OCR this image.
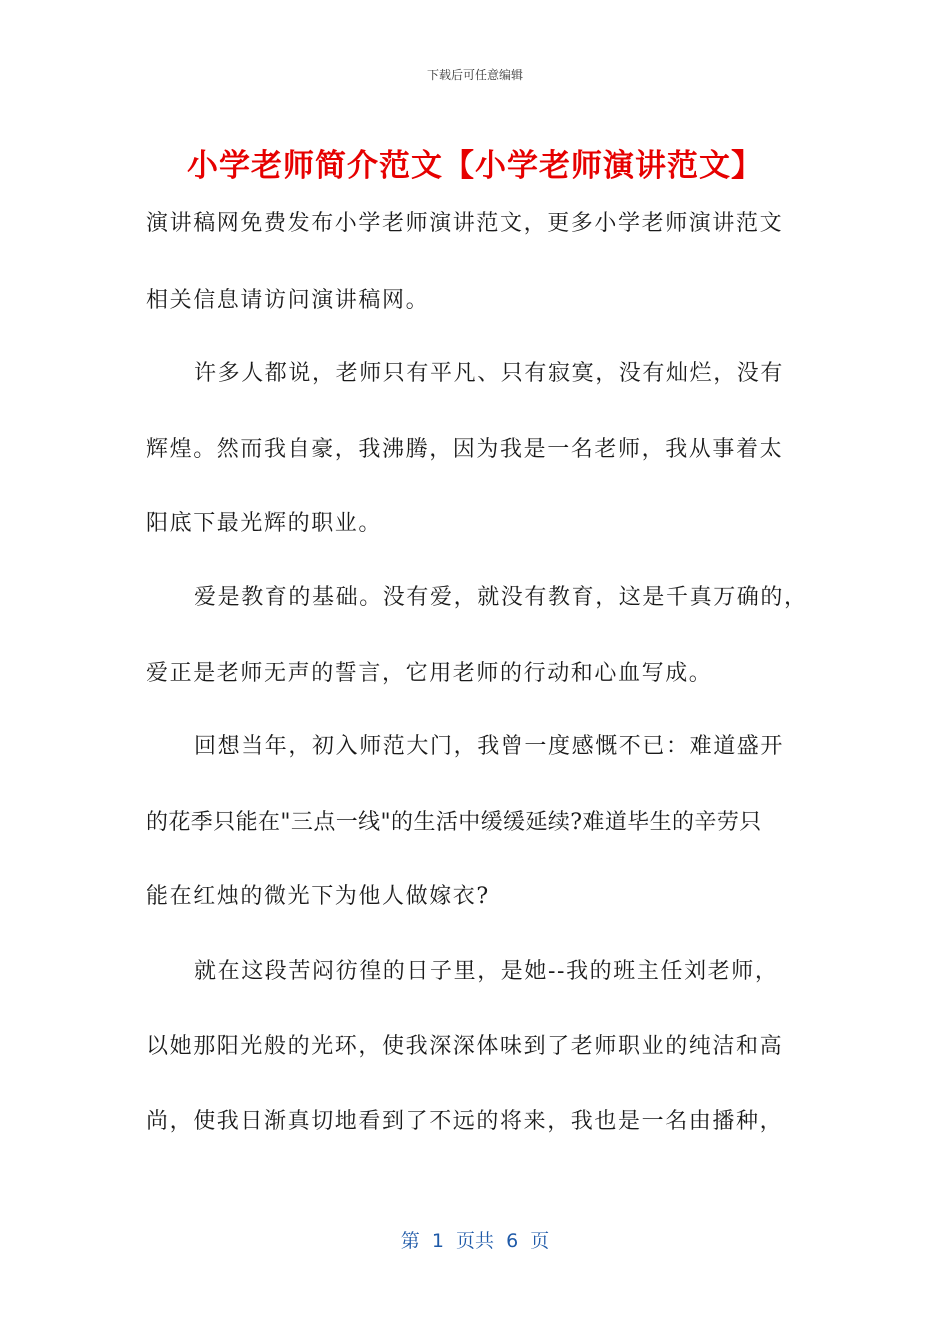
下载后可任意编辑
小学老师简介范文【小学老师演讲范文】
演讲稿网免费发布小学老师演讲范文，更多小学老师演讲范文
相关信息请访问演讲稿网。
许多人都说，老师只有平凡、只有寂寞，没有灿烂，没有
辉煌。然而我自豪，我沸腾，因为我是一名老师，我从事着太
阳底下最光辉的职业。
爱是教育的基础。没有爱，就没有教育，这是千真万确的，
爱正是老师无声的誓言，它用老师的行动和心血写成。
回想当年，初入师范大门，我曾一度感慨不已：难道盛开
的花季只能在"三点一线"的生活中缓缓延续?难道毕生的辛劳只
能在红烛的微光下为他人做嫁衣?
就在这段苦闷彷徨的日子里，是她--我的班主任刘老师，
以她那阳光般的光环，使我深深体味到了老师职业的纯洁和高
尚，使我日渐真切地看到了不远的将来，我也是一名由播种，
第  1  页共  6  页
